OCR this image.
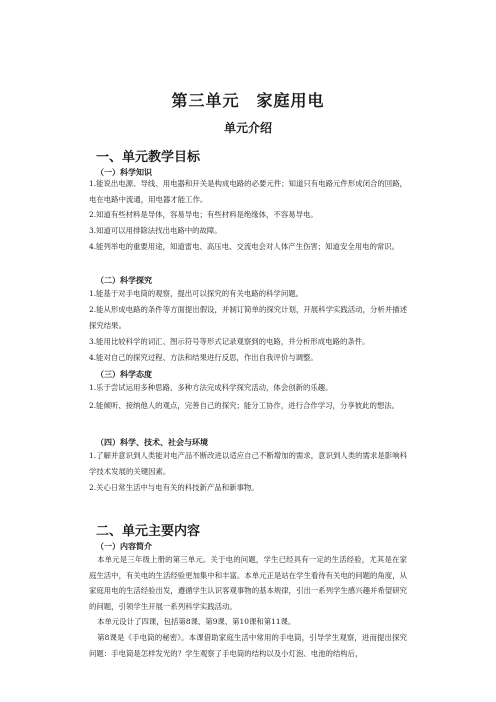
第三单元　家庭用电
单元介绍
一、单元教学目标
（一）科学知识
1.能说出电源、导线、用电器和开关是构成电路的必要元件；知道只有电路元件形成闭合的回路，电在电路中流通，用电器才能工作。
2.知道有些材料是导体，容易导电；有些材料是绝缘体，不容易导电。
3.知道可以用排除法找出电路中的故障。
4.能列举电的重要用途，知道雷电、高压电、交流电会对人体产生伤害；知道安全用电的常识。
（二）科学探究
1.能基于对手电筒的观察，提出可以探究的有关电路的科学问题。
2.能从形成电路的条件等方面提出假设，并制订简单的探究计划，开展科学实践活动，分析并描述探究结果。
3.能用比较科学的词汇、图示符号等形式记录观察到的电路，并分析形成电路的条件。
4.能对自己的探究过程、方法和结果进行反思，作出自我评价与调整。
（三）科学态度
1.乐于尝试运用多种思路、多种方法完成科学探究活动，体会创新的乐趣。
2.能倾听、接纳他人的观点，完善自己的探究；能分工协作，进行合作学习，分享彼此的想法。
（四）科学、技术、社会与环境
1.了解并意识到人类能对电产品不断改进以适应自己不断增加的需求，意识到人类的需求是影响科学技术发展的关键因素。
2.关心日常生活中与电有关的科技新产品和新事物。
二、单元主要内容
（一）内容简介
本单元是三年级上册的第三单元。关于电的问题，学生已经具有一定的生活经验，尤其是在家庭生活中，有关电的生活经验更加集中和丰富。本单元正是站在学生看待有关电的问题的角度，从家庭用电的生活经验出发，遵循学生认识客观事物的基本规律，引出一系列学生感兴趣并希望研究的问题，引领学生开展一系列科学实践活动。
本单元设计了四课，包括第8课、第9课、第10课和第11课。
第8课是《手电筒的秘密》。本课借助家庭生活中常用的手电筒，引导学生观察，进而提出探究问题：手电筒是怎样发光的？学生观察了手电筒的结构以及小灯泡、电池的结构后，
